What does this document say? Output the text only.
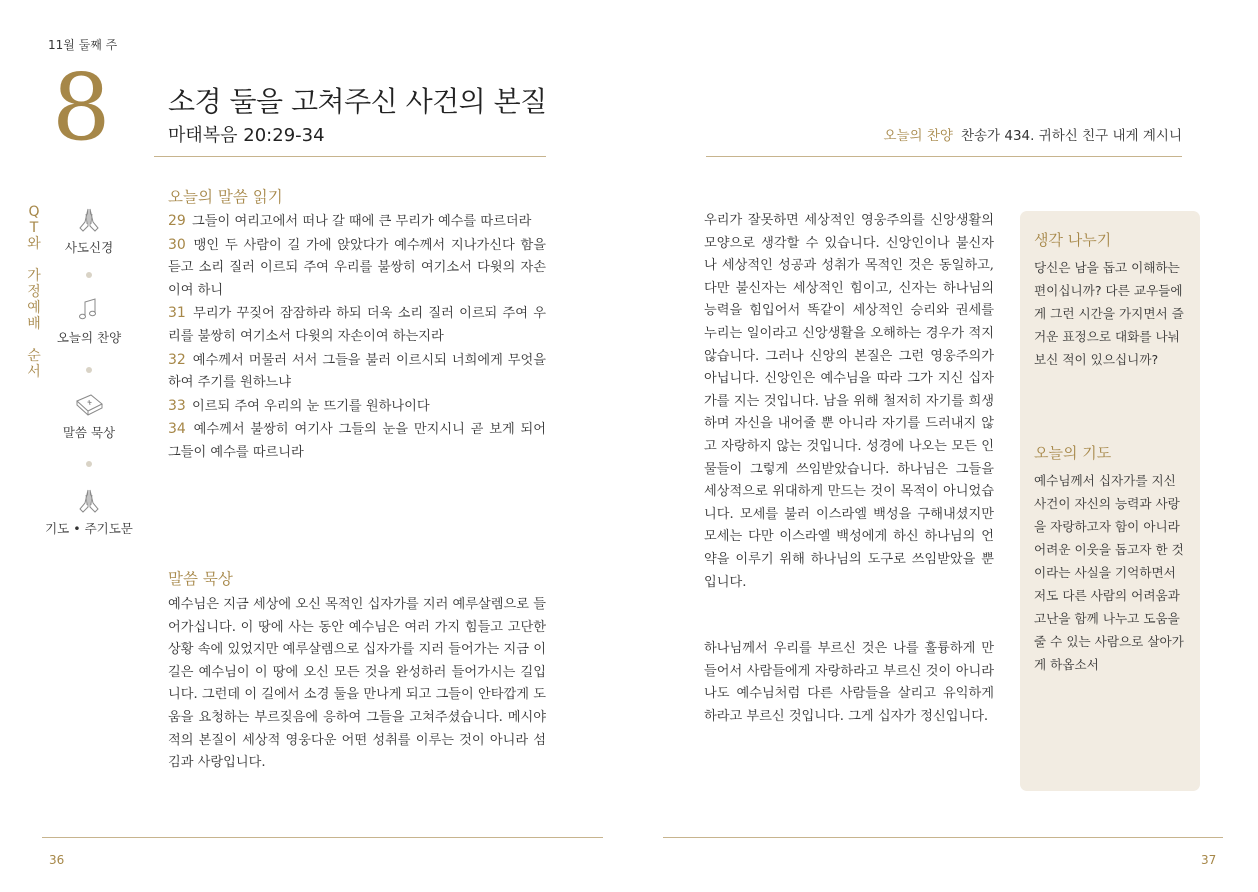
11월 둘째 주
8 소경 둘을 고쳐주신 사건의 본질
마태복음 20:29-34	오늘의 찬양 찬송가 434. 귀하신 친구 내게 계시니
Q
T
와
가
정
예
배
순
서
사도신경
오늘의 찬양
말씀 묵상
기도 • 주기도문
오늘의 말씀 읽기
29 그들이 여리고에서 떠나 갈 때에 큰 무리가 예수를 따르더라
30 맹인 두 사람이 길 가에 앉았다가 예수께서 지나가신다 함을 듣고 소리 질러 이르되 주여 우리를 불쌍히 여기소서 다윗의 자손이여 하니
31 무리가 꾸짖어 잠잠하라 하되 더욱 소리 질러 이르되 주여 우리를 불쌍히 여기소서 다윗의 자손이여 하는지라
32 예수께서 머물러 서서 그들을 불러 이르시되 너희에게 무엇을 하여 주기를 원하느냐
33 이르되 주여 우리의 눈 뜨기를 원하나이다
34 예수께서 불쌍히 여기사 그들의 눈을 만지시니 곧 보게 되어 그들이 예수를 따르니라
말씀 묵상
예수님은 지금 세상에 오신 목적인 십자가를 지러 예루살렘으로 들어가십니다. 이 땅에 사는 동안 예수님은 여러 가지 힘들고 고단한 상황 속에 있었지만 예루살렘으로 십자가를 지러 들어가는 지금 이 길은 예수님이 이 땅에 오신 모든 것을 완성하러 들어가시는 길입니다. 그런데 이 길에서 소경 둘을 만나게 되고 그들이 안타깝게 도움을 요청하는 부르짖음에 응하여 그들을 고쳐주셨습니다. 메시야적의 본질이 세상적 영웅다운 어떤 성취를 이루는 것이 아니라 섬김과 사랑입니다.
우리가 잘못하면 세상적인 영웅주의를 신앙생활의 모양으로 생각할 수 있습니다. 신앙인이나 불신자나 세상적인 성공과 성취가 목적인 것은 동일하고, 다만 불신자는 세상적인 힘이고, 신자는 하나님의 능력을 힘입어서 똑같이 세상적인 승리와 권세를 누리는 일이라고 신앙생활을 오해하는 경우가 적지 않습니다. 그러나 신앙의 본질은 그런 영웅주의가 아닙니다. 신앙인은 예수님을 따라 그가 지신 십자가를 지는 것입니다. 남을 위해 철저히 자기를 희생하며 자신을 내어줄 뿐 아니라 자기를 드러내지 않고 자랑하지 않는 것입니다. 성경에 나오는 모든 인물들이 그렇게 쓰임받았습니다. 하나님은 그들을 세상적으로 위대하게 만드는 것이 목적이 아니었습니다. 모세를 불러 이스라엘 백성을 구해내셨지만 모세는 다만 이스라엘 백성에게 하신 하나님의 언약을 이루기 위해 하나님의 도구로 쓰임받았을 뿐입니다.
하나님께서 우리를 부르신 것은 나를 훌륭하게 만들어서 사람들에게 자랑하라고 부르신 것이 아니라 나도 예수님처럼 다른 사람들을 살리고 유익하게 하라고 부르신 것입니다. 그게 십자가 정신입니다.
생각 나누기
당신은 남을 돕고 이해하는 편이십니까? 다른 교우들에게 그런 시간을 가지면서 즐거운 표정으로 대화를 나눠 보신 적이 있으십니까?
오늘의 기도
예수님께서 십자가를 지신 사건이 자신의 능력과 사랑을 자랑하고자 함이 아니라 어려운 이웃을 돕고자 한 것이라는 사실을 기억하면서 저도 다른 사람의 어려움과 고난을 함께 나누고 도움을 줄 수 있는 사람으로 살아가게 하옵소서
36	37
